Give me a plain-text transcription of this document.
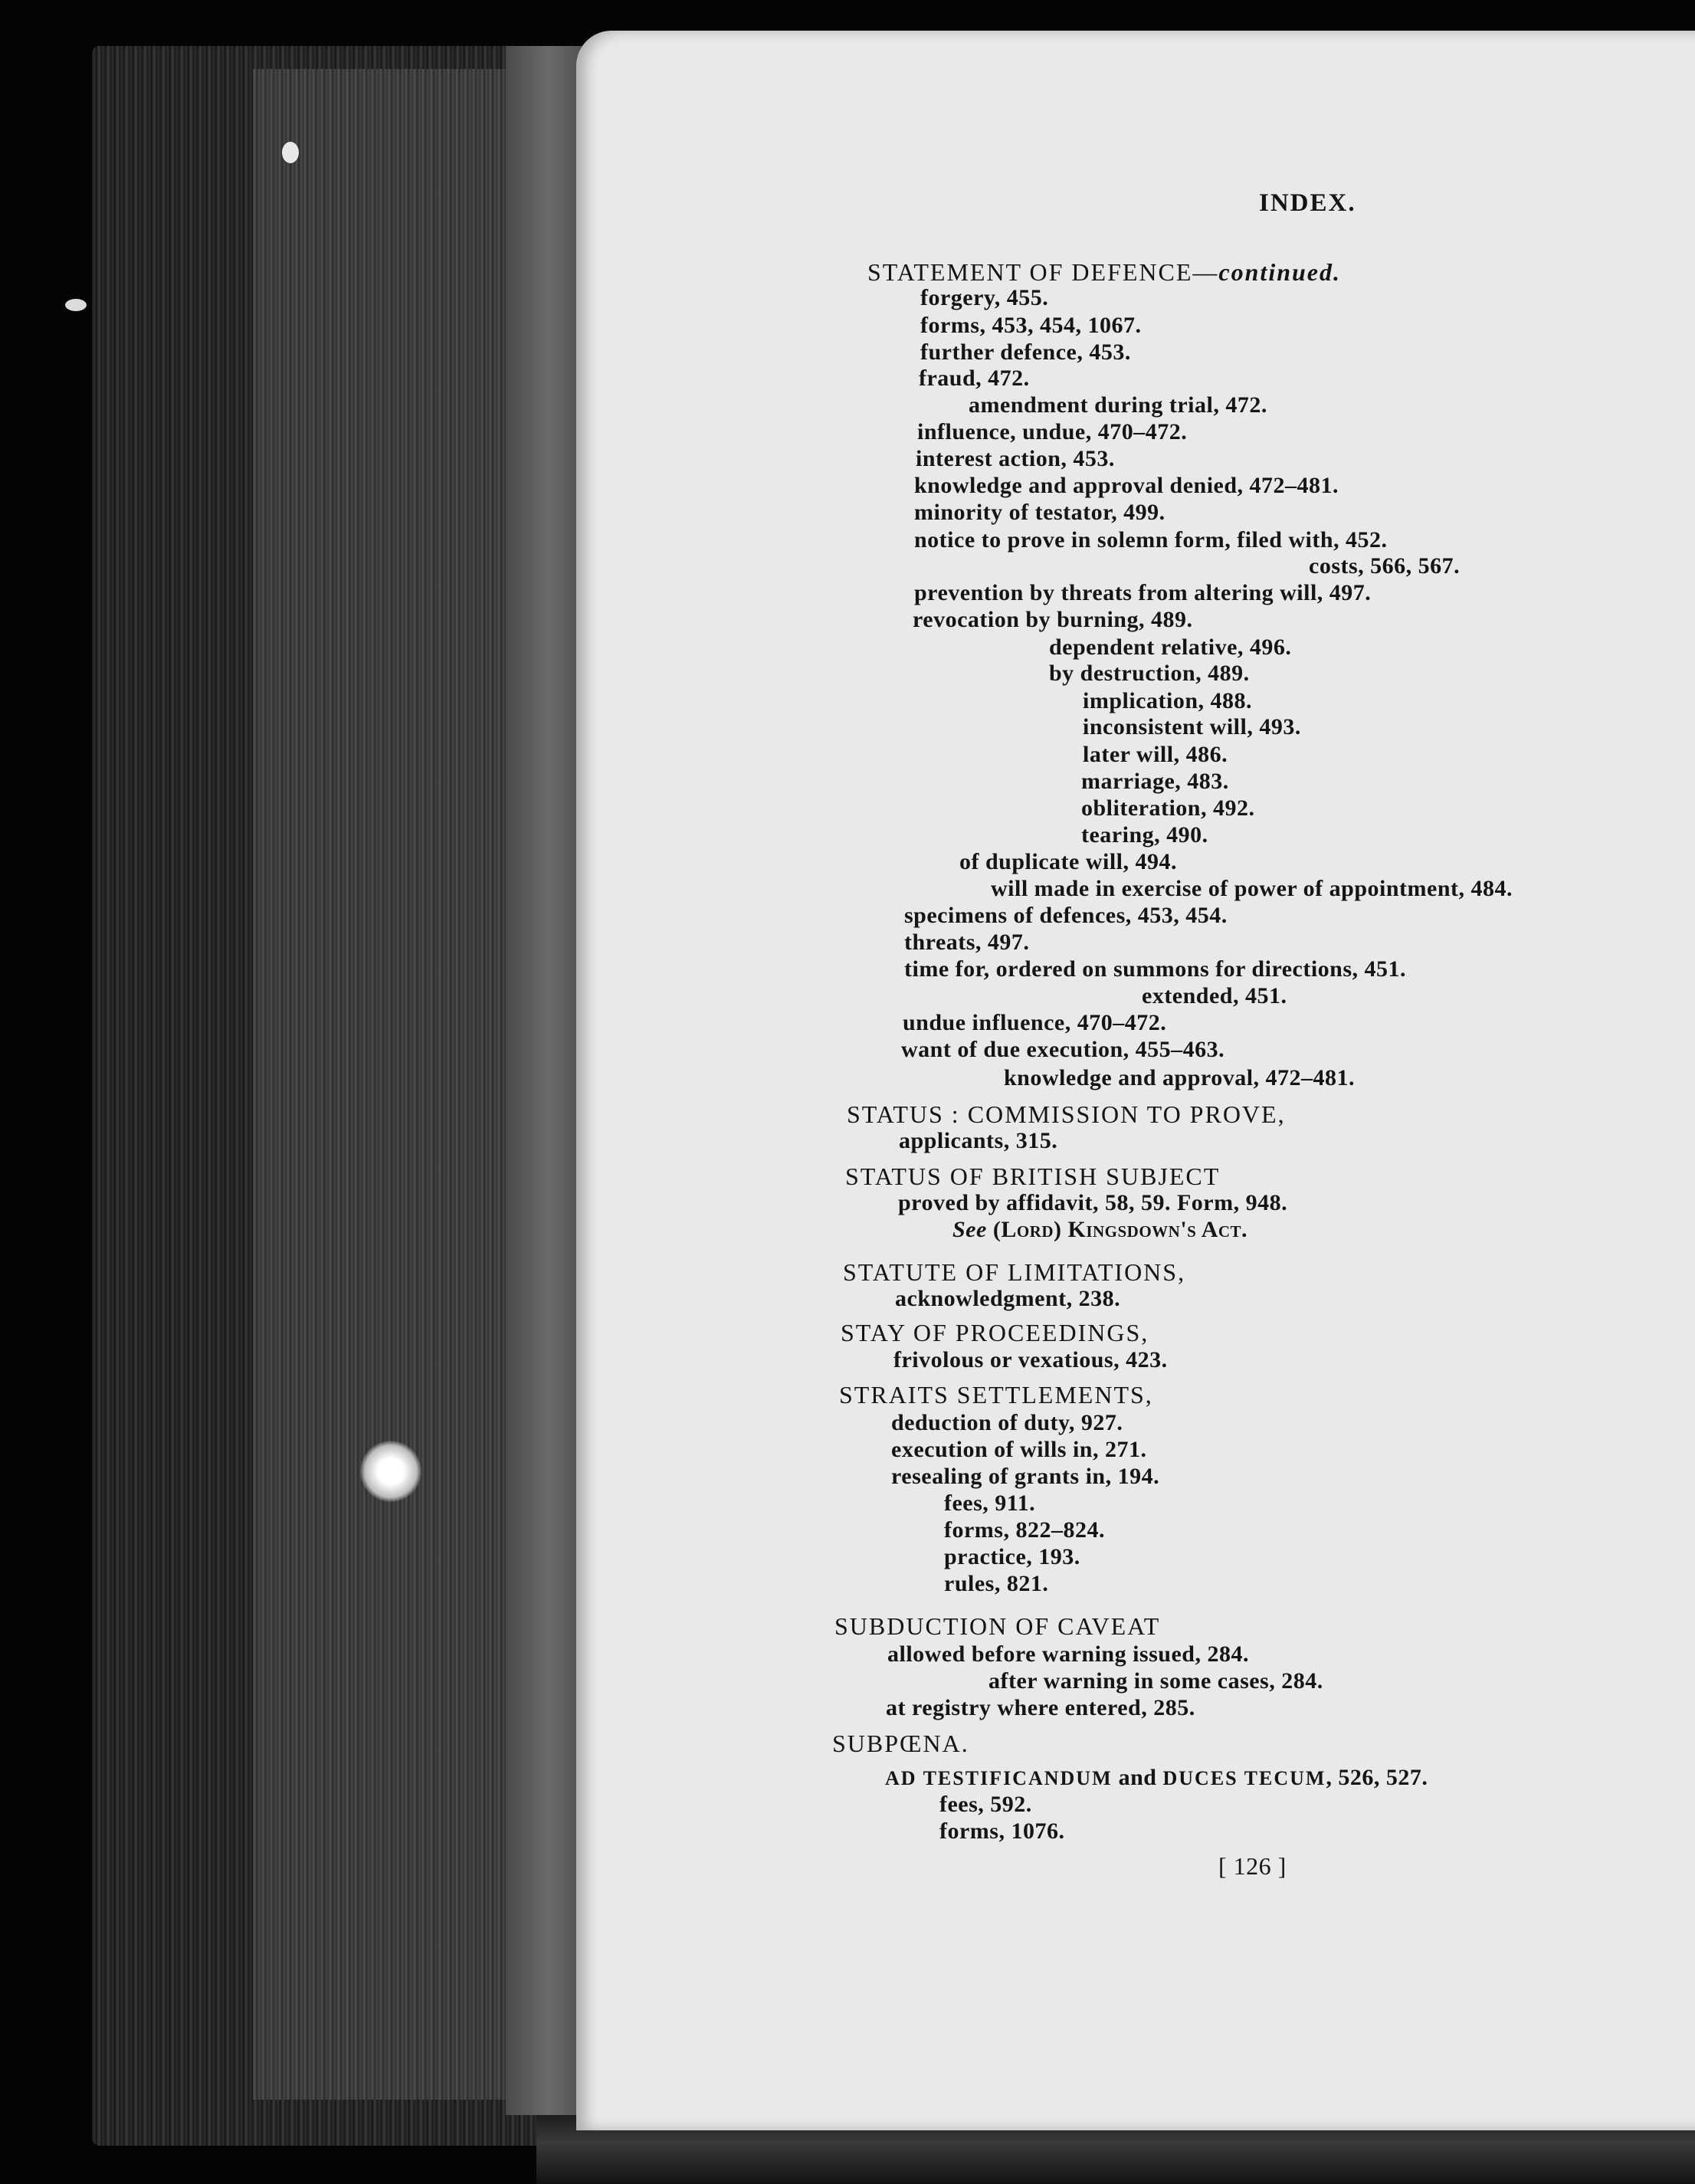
INDEX.
STATEMENT OF DEFENCE—continued.
forgery, 455.
forms, 453, 454, 1067.
further defence, 453.
fraud, 472.
amendment during trial, 472.
influence, undue, 470–472.
interest action, 453.
knowledge and approval denied, 472–481.
minority of testator, 499.
notice to prove in solemn form, filed with, 452.
costs, 566, 567.
prevention by threats from altering will, 497.
revocation by burning, 489.
dependent relative, 496.
by destruction, 489.
implication, 488.
inconsistent will, 493.
later will, 486.
marriage, 483.
obliteration, 492.
tearing, 490.
of duplicate will, 494.
will made in exercise of power of appointment, 484.
specimens of defences, 453, 454.
threats, 497.
time for, ordered on summons for directions, 451.
extended, 451.
undue influence, 470–472.
want of due execution, 455–463.
knowledge and approval, 472–481.
STATUS : COMMISSION TO PROVE,
applicants, 315.
STATUS OF BRITISH SUBJECT
proved by affidavit, 58, 59. Form, 948.
See (Lord) Kingsdown's Act.
STATUTE OF LIMITATIONS,
acknowledgment, 238.
STAY OF PROCEEDINGS,
frivolous or vexatious, 423.
STRAITS SETTLEMENTS,
deduction of duty, 927.
execution of wills in, 271.
resealing of grants in, 194.
fees, 911.
forms, 822–824.
practice, 193.
rules, 821.
SUBDUCTION OF CAVEAT
allowed before warning issued, 284.
after warning in some cases, 284.
at registry where entered, 285.
SUBPŒNA.
AD TESTIFICANDUM and DUCES TECUM, 526, 527.
fees, 592.
forms, 1076.
[ 126 ]
